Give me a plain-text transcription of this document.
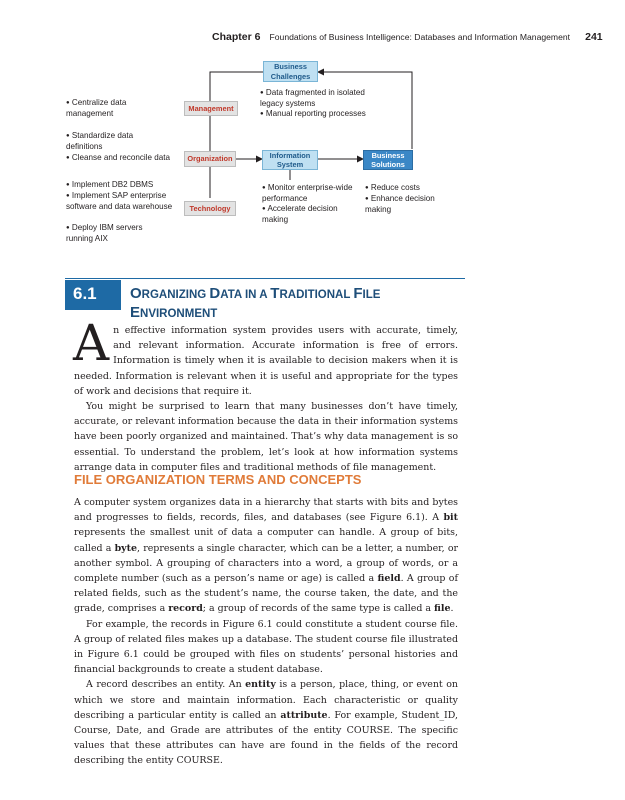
Chapter 6 Foundations of Business Intelligence: Databases and Information Management 241
Business Challenges
Management
Organization
Technology
Information System
Business Solutions
● Data fragmented in isolated legacy systems
● Manual reporting processes
● Centralize data management
● Standardize data definitions
● Cleanse and reconcile data
● Implement DB2 DBMS
● Implement SAP enterprise software and data warehouse
● Deploy IBM servers running AIX
● Monitor enterprise-wide performance
● Accelerate decision making
● Reduce costs
● Enhance decision making
6.1	ORGANIZING DATA IN A TRADITIONAL FILE
ENVIRONMENT

An effective information system provides users with accurate, timely, and relevant information. Accurate information is free of errors. Information is timely when it is available to decision makers when it is needed. Information is relevant when it is useful and appropriate for the types of work and decisions that require it.

You might be surprised to learn that many businesses don’t have timely, accurate, or relevant information because the data in their information systems have been poorly organized and maintained. That’s why data management is so essential. To understand the problem, let’s look at how information systems arrange data in computer files and traditional methods of file management.

FILE ORGANIZATION TERMS AND CONCEPTS

A computer system organizes data in a hierarchy that starts with bits and bytes and progresses to fields, records, files, and databases (see Figure 6.1). A bit represents the smallest unit of data a computer can handle. A group of bits, called a byte, represents a single character, which can be a letter, a number, or another symbol. A grouping of characters into a word, a group of words, or a complete number (such as a person’s name or age) is called a field. A group of related fields, such as the student’s name, the course taken, the date, and the grade, comprises a record; a group of records of the same type is called a file.

For example, the records in Figure 6.1 could constitute a student course file. A group of related files makes up a database. The student course file illustrated in Figure 6.1 could be grouped with files on students’ personal histories and financial backgrounds to create a student database.

A record describes an entity. An entity is a person, place, thing, or event on which we store and maintain information. Each characteristic or quality describing a particular entity is called an attribute. For example, Student_ID, Course, Date, and Grade are attributes of the entity COURSE. The specific values that these attributes can have are found in the fields of the record describing the entity COURSE.
